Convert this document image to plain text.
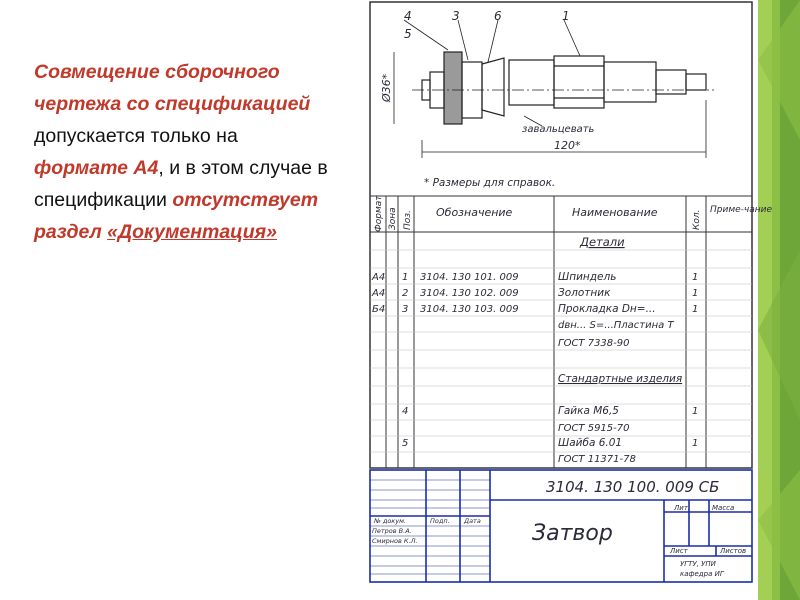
Совмещение сборочного чертежа со спецификацией
допускается только на формате А4, и в этом случае в спецификации отсутствует раздел «Документация»
4
5
3	6	1
Ø36*
120*
завальцевать
* Размеры для справок.
Формат Зона Поз. Обозначение	Наименование	Кол. Приме-чание
Детали
А4 1 3104. 130 101. 009	Шпиндель	1
А4 2 3104. 130 102. 009	Золотник	1
Б4 3 3104. 130 103. 009	Прокладка Dн=...	1
dвн... S=...Пластина Т
ГОСТ 7338-90
Стандартные изделия
4	Гайка М6,5	1
ГОСТ 5915-70
5	Шайба 6.01	1
ГОСТ 11371-78
3104. 130 100. 009 СБ
Затвор
Лит.	Масса
Лист	Листов
УГТУ, УПИ
кафедра ИГ
№ докум.	Подп. Дата
Петров В.А.
Смирнов К.Л.
